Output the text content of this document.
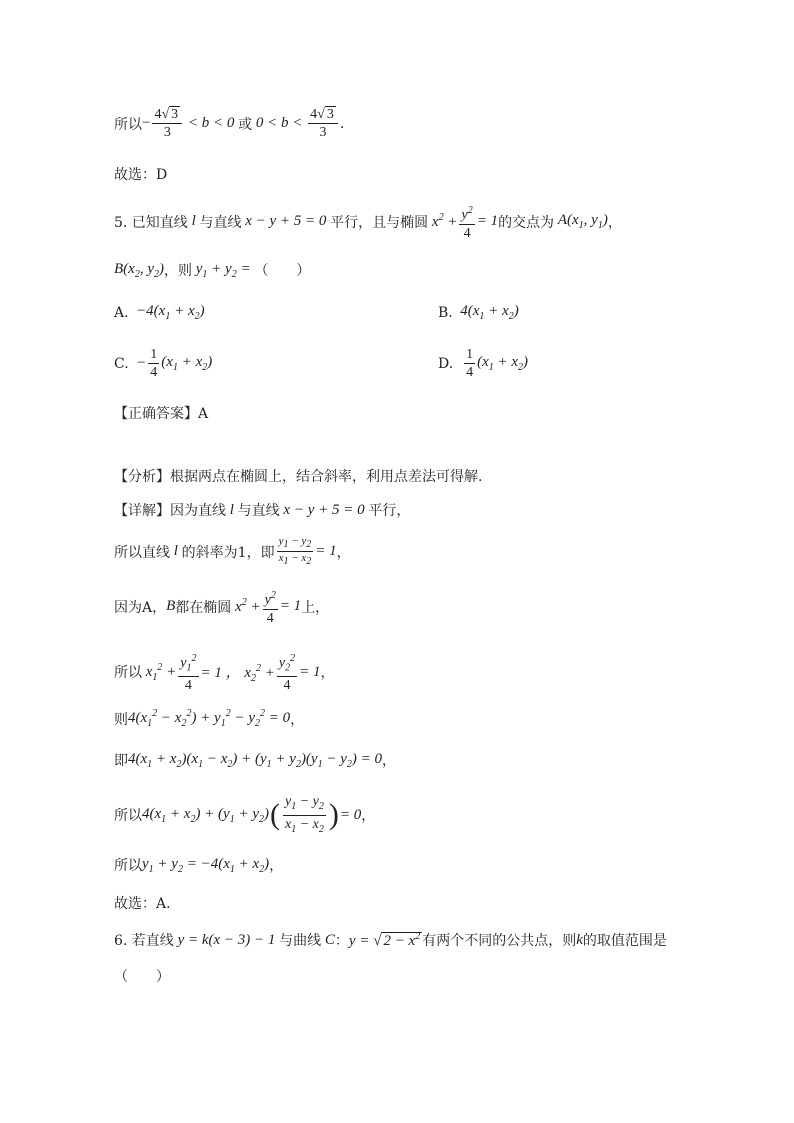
所以 − $\frac{4√ 3}{3} < b < 0$ 或 $0 < b < \frac{4√ 3}{3}$ .
故选：D
5. 已知直线 l 与直线 x − y + 5 = 0 平行，且与椭圆 $x^2 + \frac{y^2}{4} = 1$ 的交点为 $A(x_1$, $y_1$) ，
$B(x_2$, $y_2$) ，则 $y_1 + y_2$ = （　　）
A. $-4(x_1 + x_2)$	B. $4(x_1 + x_2)$
C. − $\frac{1}{4} (x_1 + x_2)$	D.
$\frac{1}{4} (x_1 + x_2)$
【正确答案】A
【分析】根据两点在椭圆上，结合斜率，利用点差法可得解.
【详解】因为直线 l 与直线 x − y + 5 = 0 平行，
所以直线 l 的斜率为1，即 $\frac{y_1 - y_2}{x_1 - x_2} = 1$ ，
因为A， B 都在椭圆 $x^2 + \frac{y^2}{4} = 1$ 上，
所以 $x_1^2 + \frac{y_1^2}{4} = 1$ ， $x_2^2 + \frac{y_2^2}{4} = 1$ ，
则 $4(x_1^2 - x_2^2) + y_1^2 - y_2^2 = 0$ ，
即 $4(x_1 + x_2)(x_1 - x_2) + (y_1 + y_2)(y_1 - y_2) = 0$ ，
所以 $4(x_1 + x_2) + (y_1 + y_2)$ ( $\frac{y_1 - y_2}{x_1 - x_2}$ ) = 0 ，
所以 $y_1 + y_2 = -4(x_1 + x_2)$ ，
故选：A.
6. 若直线 y = k(x − 3) − 1 与曲线 C ： y = √ $2 - x^2$ 有两个不同的公共点，则 k 的取值范围是
（　　）
